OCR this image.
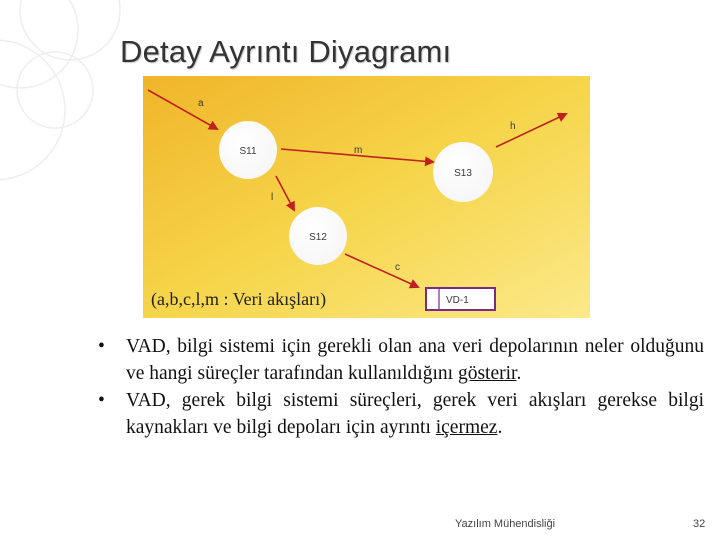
Detay Ayrıntı Diyagramı
S11
S12
S13
VD-1
a
m
h
l
c
(a,b,c,l,m : Veri akışları)
• VAD, bilgi sistemi için gerekli olan ana veri depolarının neler olduğunu ve hangi süreçler tarafından kullanıldığını gösterir.
• VAD, gerek bilgi sistemi süreçleri, gerek veri akışları gerekse bilgi kaynakları ve bilgi depoları için ayrıntı içermez.
Yazılım Mühendisliği	32
